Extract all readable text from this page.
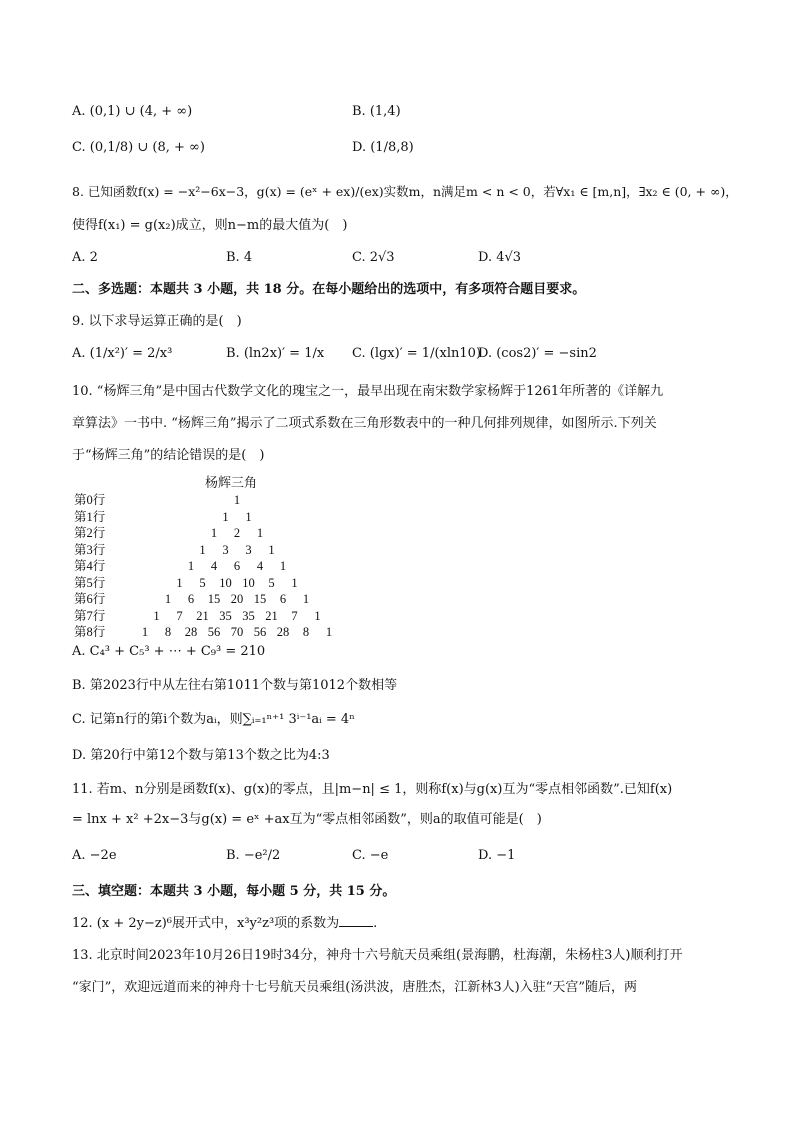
A. (0,1) ∪ (4, + ∞)	B. (1,4)
C. (0,1/8) ∪ (8, + ∞)	D. (1/8,8)
8. 已知函数f(x) = −x²−6x−3，g(x) = (eˣ + ex)/(ex)实数m，n满足m < n < 0，若∀x₁ ∈ [m,n]，∃x₂ ∈ (0, + ∞)，
使得f(x₁) = g(x₂)成立，则n−m的最大值为(　)
A. 2	B. 4	C. 2√3	D. 4√3
二、多选题：本题共 3 小题，共 18 分。在每小题给出的选项中，有多项符合题目要求。
9. 以下求导运算正确的是(　)
A. (1/x²)′ = 2/x³	B. (ln2x)′ = 1/x C. (lgx)′ = 1/(xln10)
D. (cos2)′ = −sin2
10. “杨辉三角”是中国古代数学文化的瑰宝之一，最早出现在南宋数学家杨辉于1261年所著的《详解九
章算法》一书中. “杨辉三角”揭示了二项式系数在三角形数表中的一种几何排列规律，如图所示.下列关
于“杨辉三角”的结论错误的是(　)
杨辉三角
第0行	1
第1行	1	1
第2行	1	2	1
第3行	1	3	3	1
第4行	1	4	6	4	1
第5行	1	5	10 10	5	1
第6行	1	6	15 20 15	6	1
第7行	1	7	21 35 35 21	7	1
第8行	1	8	28 56 70 56 28	8	1
A. C₄³ + C₅³ + ⋯ + C₉³ = 210
B. 第2023行中从左往右第1011个数与第1012个数相等
C. 记第n行的第i个数为aᵢ，则∑ᵢ₌₁ⁿ⁺¹ 3ⁱ⁻¹aᵢ = 4ⁿ
D. 第20行中第12个数与第13个数之比为4:3
11. 若m、n分别是函数f(x)、g(x)的零点，且|m−n| ≤ 1，则称f(x)与g(x)互为“零点相邻函数”.已知f(x)
= lnx + x² +2x−3与g(x) = eˣ +ax互为“零点相邻函数”，则a的取值可能是(　)
A. −2e	B. −e²/2	C. −e	D. −1
三、填空题：本题共 3 小题，每小题 5 分，共 15 分。
12. (x + 2y−z)⁶展开式中，x³y²z³项的系数为	.
13. 北京时间2023年10月26日19时34分，神舟十六号航天员乘组(景海鹏，杜海潮，朱杨柱3人)顺利打开
“家门”，欢迎远道而来的神舟十七号航天员乘组(汤洪波，唐胜杰，江新林3人)入驻“天宫”随后，两
